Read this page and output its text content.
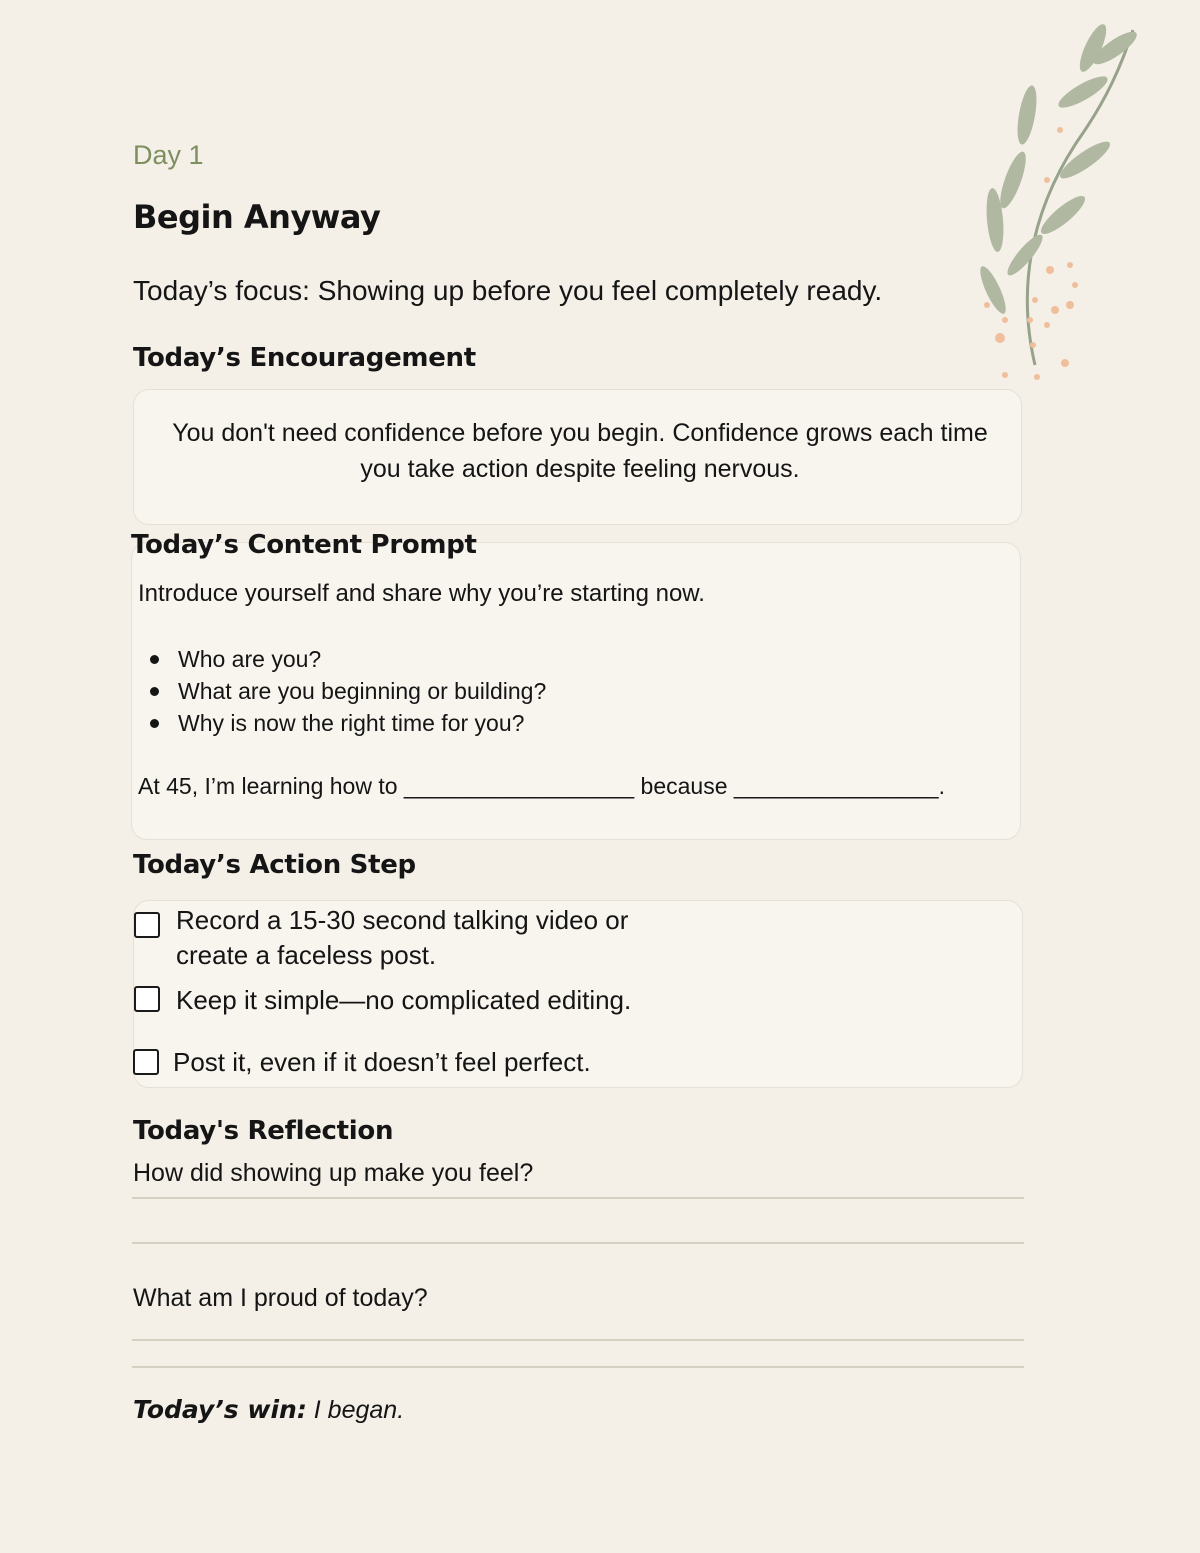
Day 1
Begin Anyway
Today’s focus: Showing up before you feel completely ready.
Today’s Encouragement
You don't need confidence before you begin. Confidence grows each time you take action despite feeling nervous.
Today’s Content Prompt
Introduce yourself and share why you’re starting now.
Who are you?
What are you beginning or building?
Why is now the right time for you?
At 45, I’m learning how to __________________ because ________________.
Today’s Action Step
Record a 15-30 second talking video or
create a faceless post.
Keep it simple—no complicated editing.
Post it, even if it doesn’t feel perfect.
Today's Reflection
How did showing up make you feel?
What am I proud of today?
Today’s win: I began.
